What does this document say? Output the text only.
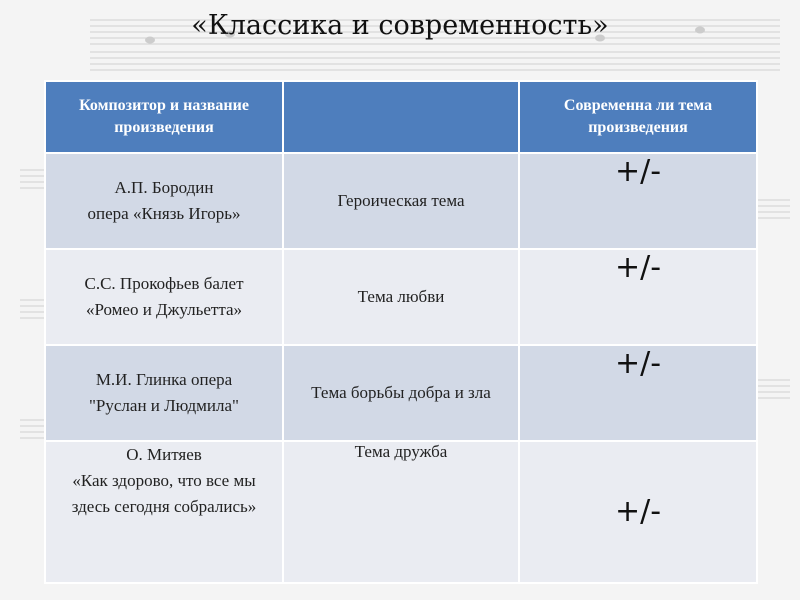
«Классика и современность»
Композитор и название произведения		Современна ли тема произведения

А.П. Бородин
опера «Князь Игорь»	Героическая тема	+/-

С.С. Прокофьев балет
«Ромео и Джульетта»	Тема любви	+/-

М.И. Глинка опера
"Руслан и Людмила"	Тема борьбы добра и зла	+/-

О. Митяев
«Как здорово, что все мы
здесь сегодня собрались»	Тема дружба	+/-
